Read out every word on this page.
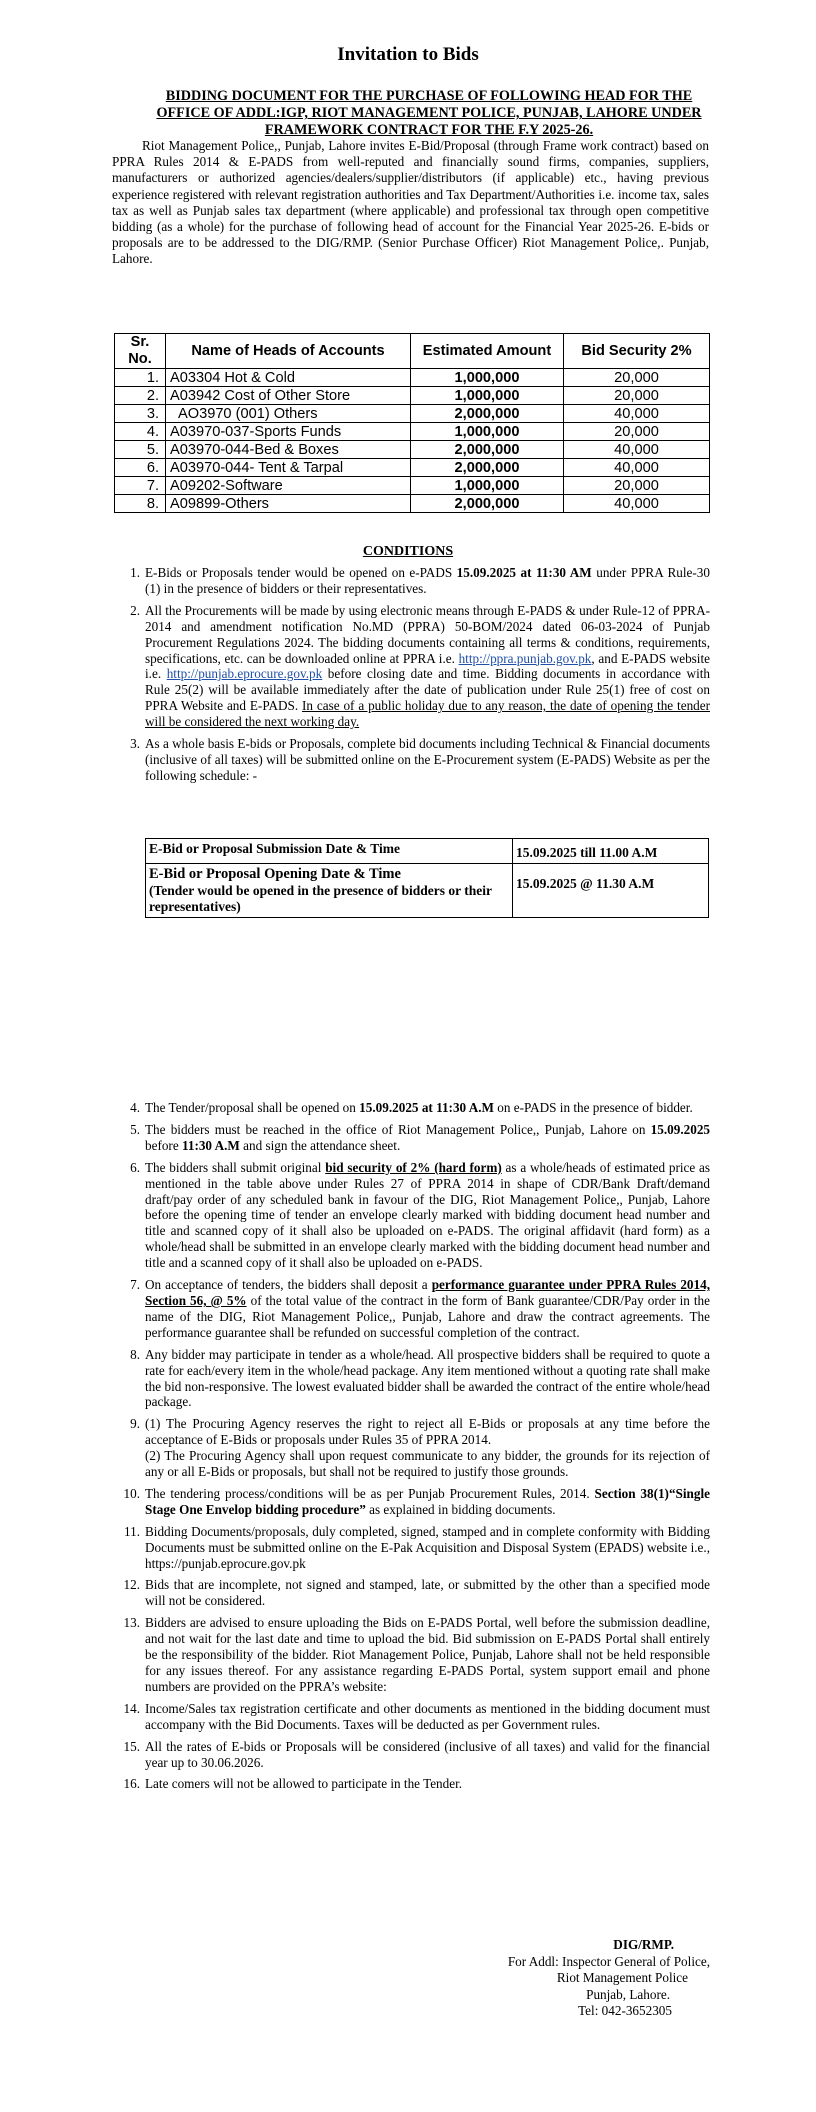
Invitation to Bids
BIDDING DOCUMENT FOR THE PURCHASE OF FOLLOWING HEAD FOR THE OFFICE OF ADDL:IGP, RIOT MANAGEMENT POLICE, PUNJAB, LAHORE UNDER FRAMEWORK CONTRACT FOR THE F.Y 2025-26.
Riot Management Police,, Punjab, Lahore invites E-Bid/Proposal (through Frame work contract) based on PPRA Rules 2014 & E-PADS from well-reputed and financially sound firms, companies, suppliers, manufacturers or authorized agencies/dealers/supplier/distributors (if applicable) etc., having previous experience registered with relevant registration authorities and Tax Department/Authorities i.e. income tax, sales tax as well as Punjab sales tax department (where applicable) and professional tax through open competitive bidding (as a whole) for the purchase of following head of account for the Financial Year 2025-26. E-bids or proposals are to be addressed to the DIG/RMP. (Senior Purchase Officer) Riot Management Police,. Punjab, Lahore.
Sr. No.	Name of Heads of Accounts	Estimated Amount	Bid Security 2%
1.	A03304 Hot & Cold	1,000,000	20,000
2.	A03942 Cost of Other Store	1,000,000	20,000
3.	AO3970 (001) Others	2,000,000	40,000
4.	A03970-037-Sports Funds	1,000,000	20,000
5.	A03970-044-Bed & Boxes	2,000,000	40,000
6.	A03970-044- Tent & Tarpal	2,000,000	40,000
7.	A09202-Software	1,000,000	20,000
8.	A09899-Others	2,000,000	40,000
CONDITIONS
1. E-Bids or Proposals tender would be opened on e-PADS 15.09.2025 at 11:30 AM under PPRA Rule-30 (1) in the presence of bidders or their representatives.
2. All the Procurements will be made by using electronic means through E-PADS & under Rule-12 of PPRA-2014 and amendment notification No.MD (PPRA) 50-BOM/2024 dated 06-03-2024 of Punjab Procurement Regulations 2024. The bidding documents containing all terms & conditions, requirements, specifications, etc. can be downloaded online at PPRA i.e. http://ppra.punjab.gov.pk, and E-PADS website i.e. http://punjab.eprocure.gov.pk before closing date and time. Bidding documents in accordance with Rule 25(2) will be available immediately after the date of publication under Rule 25(1) free of cost on PPRA Website and E-PADS. In case of a public holiday due to any reason, the date of opening the tender will be considered the next working day.
3. As a whole basis E-bids or Proposals, complete bid documents including Technical & Financial documents (inclusive of all taxes) will be submitted online on the E-Procurement system (E-PADS) Website as per the following schedule: -
E-Bid or Proposal Submission Date & Time	15.09.2025 till 11.00 A.M

E-Bid or Proposal Opening Date & Time
(Tender would be opened in the presence of bidders or their representatives)	15.09.2025 @ 11.30 A.M
4. The Tender/proposal shall be opened on 15.09.2025 at 11:30 A.M on e-PADS in the presence of bidder.
5. The bidders must be reached in the office of Riot Management Police,, Punjab, Lahore on 15.09.2025 before 11:30 A.M and sign the attendance sheet.
6. The bidders shall submit original bid security of 2% (hard form) as a whole/heads of estimated price as mentioned in the table above under Rules 27 of PPRA 2014 in shape of CDR/Bank Draft/demand draft/pay order of any scheduled bank in favour of the DIG, Riot Management Police,, Punjab, Lahore before the opening time of tender an envelope clearly marked with bidding document head number and title and scanned copy of it shall also be uploaded on e-PADS. The original affidavit (hard form) as a whole/head shall be submitted in an envelope clearly marked with the bidding document head number and title and a scanned copy of it shall also be uploaded on e-PADS.
7. On acceptance of tenders, the bidders shall deposit a performance guarantee under PPRA Rules 2014, Section 56, @ 5% of the total value of the contract in the form of Bank guarantee/CDR/Pay order in the name of the DIG, Riot Management Police,, Punjab, Lahore and draw the contract agreements. The performance guarantee shall be refunded on successful completion of the contract.
8. Any bidder may participate in tender as a whole/head. All prospective bidders shall be required to quote a rate for each/every item in the whole/head package. Any item mentioned without a quoting rate shall make the bid non-responsive. The lowest evaluated bidder shall be awarded the contract of the entire whole/head package.
9. (1) The Procuring Agency reserves the right to reject all E-Bids or proposals at any time before the acceptance of E-Bids or proposals under Rules 35 of PPRA 2014.
(2) The Procuring Agency shall upon request communicate to any bidder, the grounds for its rejection of any or all E-Bids or proposals, but shall not be required to justify those grounds.
10. The tendering process/conditions will be as per Punjab Procurement Rules, 2014. Section 38(1)“Single Stage One Envelop bidding procedure” as explained in bidding documents.
11. Bidding Documents/proposals, duly completed, signed, stamped and in complete conformity with Bidding Documents must be submitted online on the E-Pak Acquisition and Disposal System (EPADS) website i.e., https://punjab.eprocure.gov.pk
12. Bids that are incomplete, not signed and stamped, late, or submitted by the other than a specified mode will not be considered.
13. Bidders are advised to ensure uploading the Bids on E-PADS Portal, well before the submission deadline, and not wait for the last date and time to upload the bid. Bid submission on E-PADS Portal shall entirely be the responsibility of the bidder. Riot Management Police, Punjab, Lahore shall not be held responsible for any issues thereof. For any assistance regarding E-PADS Portal, system support email and phone numbers are provided on the PPRA’s website:
14. Income/Sales tax registration certificate and other documents as mentioned in the bidding document must accompany with the Bid Documents. Taxes will be deducted as per Government rules.
15. All the rates of E-bids or Proposals will be considered (inclusive of all taxes) and valid for the financial year up to 30.06.2026.
16. Late comers will not be allowed to participate in the Tender.
DIG/RMP.
For Addl: Inspector General of Police,
Riot Management Police
Punjab, Lahore.
Tel: 042-3652305
